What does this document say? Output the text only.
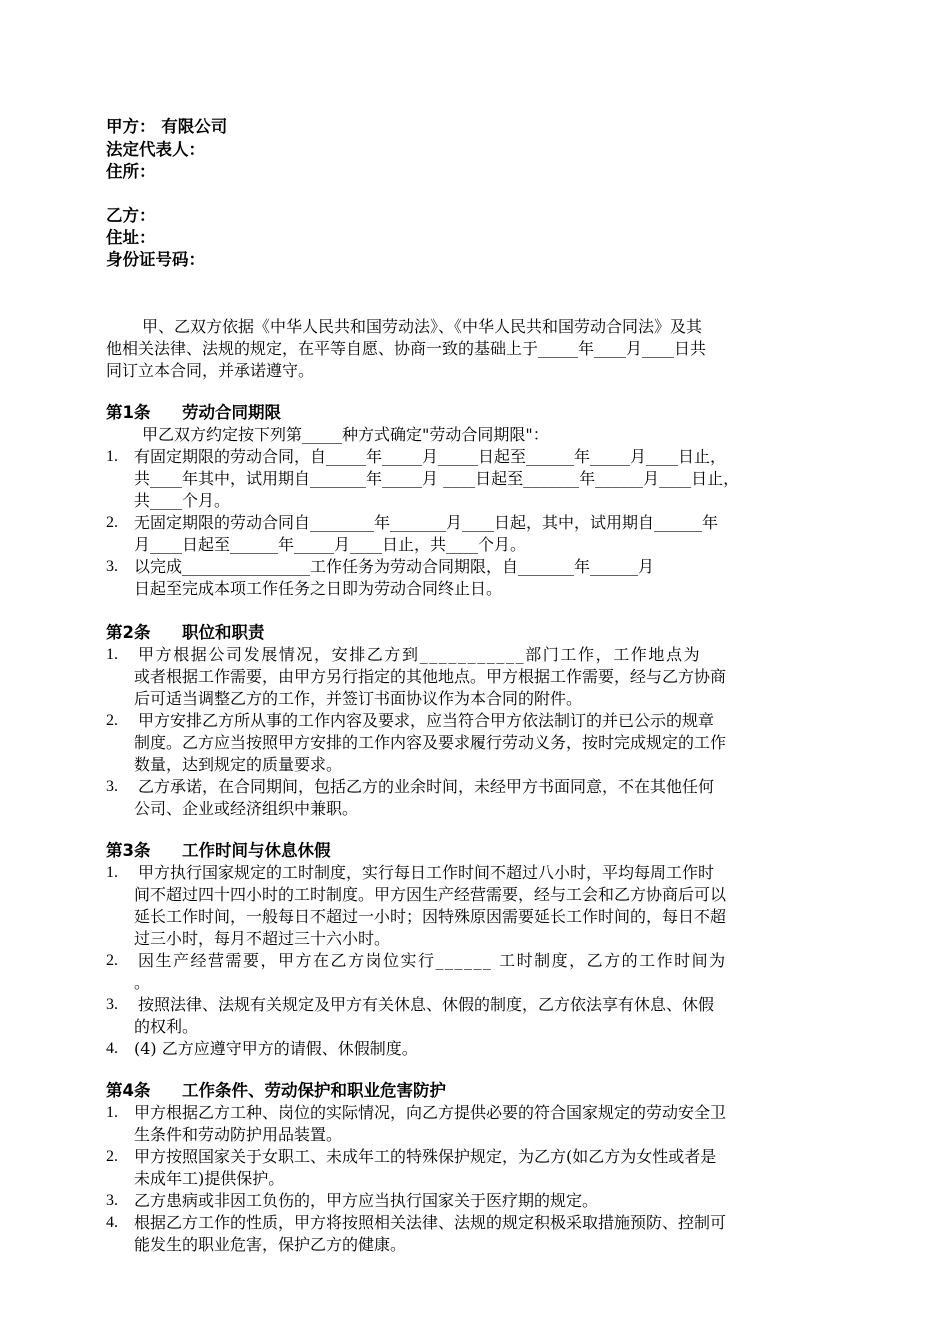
甲方： 有限公司
法定代表人：
住所：
乙方：
住址：
身份证号码：
甲、乙双方依据《中华人民共和国劳动法》、《中华人民共和国劳动合同法》及其
他相关法律、法规的规定，在平等自愿、协商一致的基础上于_____年____月____日共
同订立本合同，并承诺遵守。
第1条 劳动合同期限
甲乙双方约定按下列第_____种方式确定"劳动合同期限"：
1. 有固定期限的劳动合同，自_____年_____月_____日起至______年_____月____日止，
共____年其中，试用期自_______年_____月 ____日起至_______年______月____日止，
共____个月。
2. 无固定期限的劳动合同自________年_______月____日起，其中，试用期自______年
月____日起至______年_____月____日止，共____个月。
3. 以完成________________工作任务为劳动合同期限，自_______年______月
日起至完成本项工作任务之日即为劳动合同终止日。
第2条 职位和职责
1. 甲方根据公司发展情况，安排乙方到___________部门工作，工作地点为
或者根据工作需要，由甲方另行指定的其他地点。甲方根据工作需要，经与乙方协商
后可适当调整乙方的工作，并签订书面协议作为本合同的附件。
2. 甲方安排乙方所从事的工作内容及要求，应当符合甲方依法制订的并已公示的规章
制度。乙方应当按照甲方安排的工作内容及要求履行劳动义务，按时完成规定的工作
数量，达到规定的质量要求。
3. 乙方承诺，在合同期间，包括乙方的业余时间，未经甲方书面同意，不在其他任何
公司、企业或经济组织中兼职。
第3条 工作时间与休息休假
1. 甲方执行国家规定的工时制度，实行每日工作时间不超过八小时，平均每周工作时
间不超过四十四小时的工时制度。甲方因生产经营需要，经与工会和乙方协商后可以
延长工作时间，一般每日不超过一小时；因特殊原因需要延长工作时间的，每日不超
过三小时，每月不超过三十六小时。
2. 因生产经营需要，甲方在乙方岗位实行______ 工时制度，乙方的工作时间为
。
3. 按照法律、法规有关规定及甲方有关休息、休假的制度，乙方依法享有休息、休假
的权利。
4. (4) 乙方应遵守甲方的请假、休假制度。
第4条 工作条件、劳动保护和职业危害防护
1. 甲方根据乙方工种、岗位的实际情况，向乙方提供必要的符合国家规定的劳动安全卫
生条件和劳动防护用品装置。
2. 甲方按照国家关于女职工、未成年工的特殊保护规定，为乙方(如乙方为女性或者是
未成年工)提供保护。
3. 乙方患病或非因工负伤的，甲方应当执行国家关于医疗期的规定。
4. 根据乙方工作的性质，甲方将按照相关法律、法规的规定积极采取措施预防、控制可
能发生的职业危害，保护乙方的健康。
